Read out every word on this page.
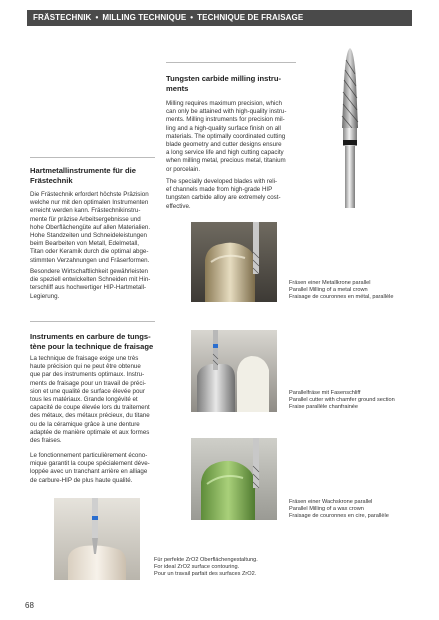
FRÄSTECHNIK • MILLING TECHNIQUE • TECHNIQUE DE FRAISAGE
Tungsten carbide milling instru-
ments
Milling requires maximum precision, which
can only be attained with high-quality instru-
ments. Milling instruments for precision mil-
ling and a high-quality surface finish on all
materials. The optimally coordinated cutting
blade geometry and cutter designs ensure
a long service life and high cutting capacity
when milling metal, precious metal, titanium
or porcelain.
The specially developed blades with reli-
ef channels made from high-grade HIP
tungsten carbide alloy are extremely cost-
effective.
Hartmetallinstrumente für die
Frästechnik
Die Frästechnik erfordert höchste Präzision
welche nur mit den optimalen Instrumenten
erreicht werden kann. Frästechnikinstru-
mente für präzise Arbeitsergebnisse und
hohe Oberflächengüte auf allen Materialien.
Hohe Standzeiten und Schneideleistungen
beim Bearbeiten von Metall, Edelmetall,
Titan oder Keramik durch die optimal abge-
stimmten Verzahnungen und Fräserformen.
Besondere Wirtschaftlichkeit gewährleisten
die speziell entwickelten Schneiden mit Hin-
terschliff aus hochwertiger HIP-Hartmetall-
Legierung.
Instruments en carbure de tungs-
tène pour la technique de fraisage
La technique de fraisage exige une très
haute précision qui ne peut être obtenue
que par des instruments optimaux. Instru-
ments de fraisage pour un travail de préci-
sion et une qualité de surface élevée pour
tous les matériaux. Grande longévité et
capacité de coupe élevée lors du traitement
des métaux, des métaux précieux, du titane
ou de la céramique grâce à une denture
adaptée de manière optimale et aux formes
des fraises.
Le fonctionnement particulièrement écono-
mique garantit la coupe spécialement déve-
loppée avec un tranchant arrière en alliage
de carbure-HIP de plus haute qualité.
Fräsen einer Metallkrone parallel
Parallel Milling of a metal crown
Fraisage de couronnes en métal, parallèle
Parallelfräse mit Fasenschliff
Parallel cutter with chamfer ground section
Fraise parallèle chanfrainée
Fräsen einer Wachskrone parallel
Parallel Milling of a wax crown
Fraisage de couronnes en cire, parallèle
Für perfekte ZrO2 Oberflächengestaltung.
For ideal ZrO2 surface contouring.
Pour un travail parfait des surfaces ZrO2.
68
